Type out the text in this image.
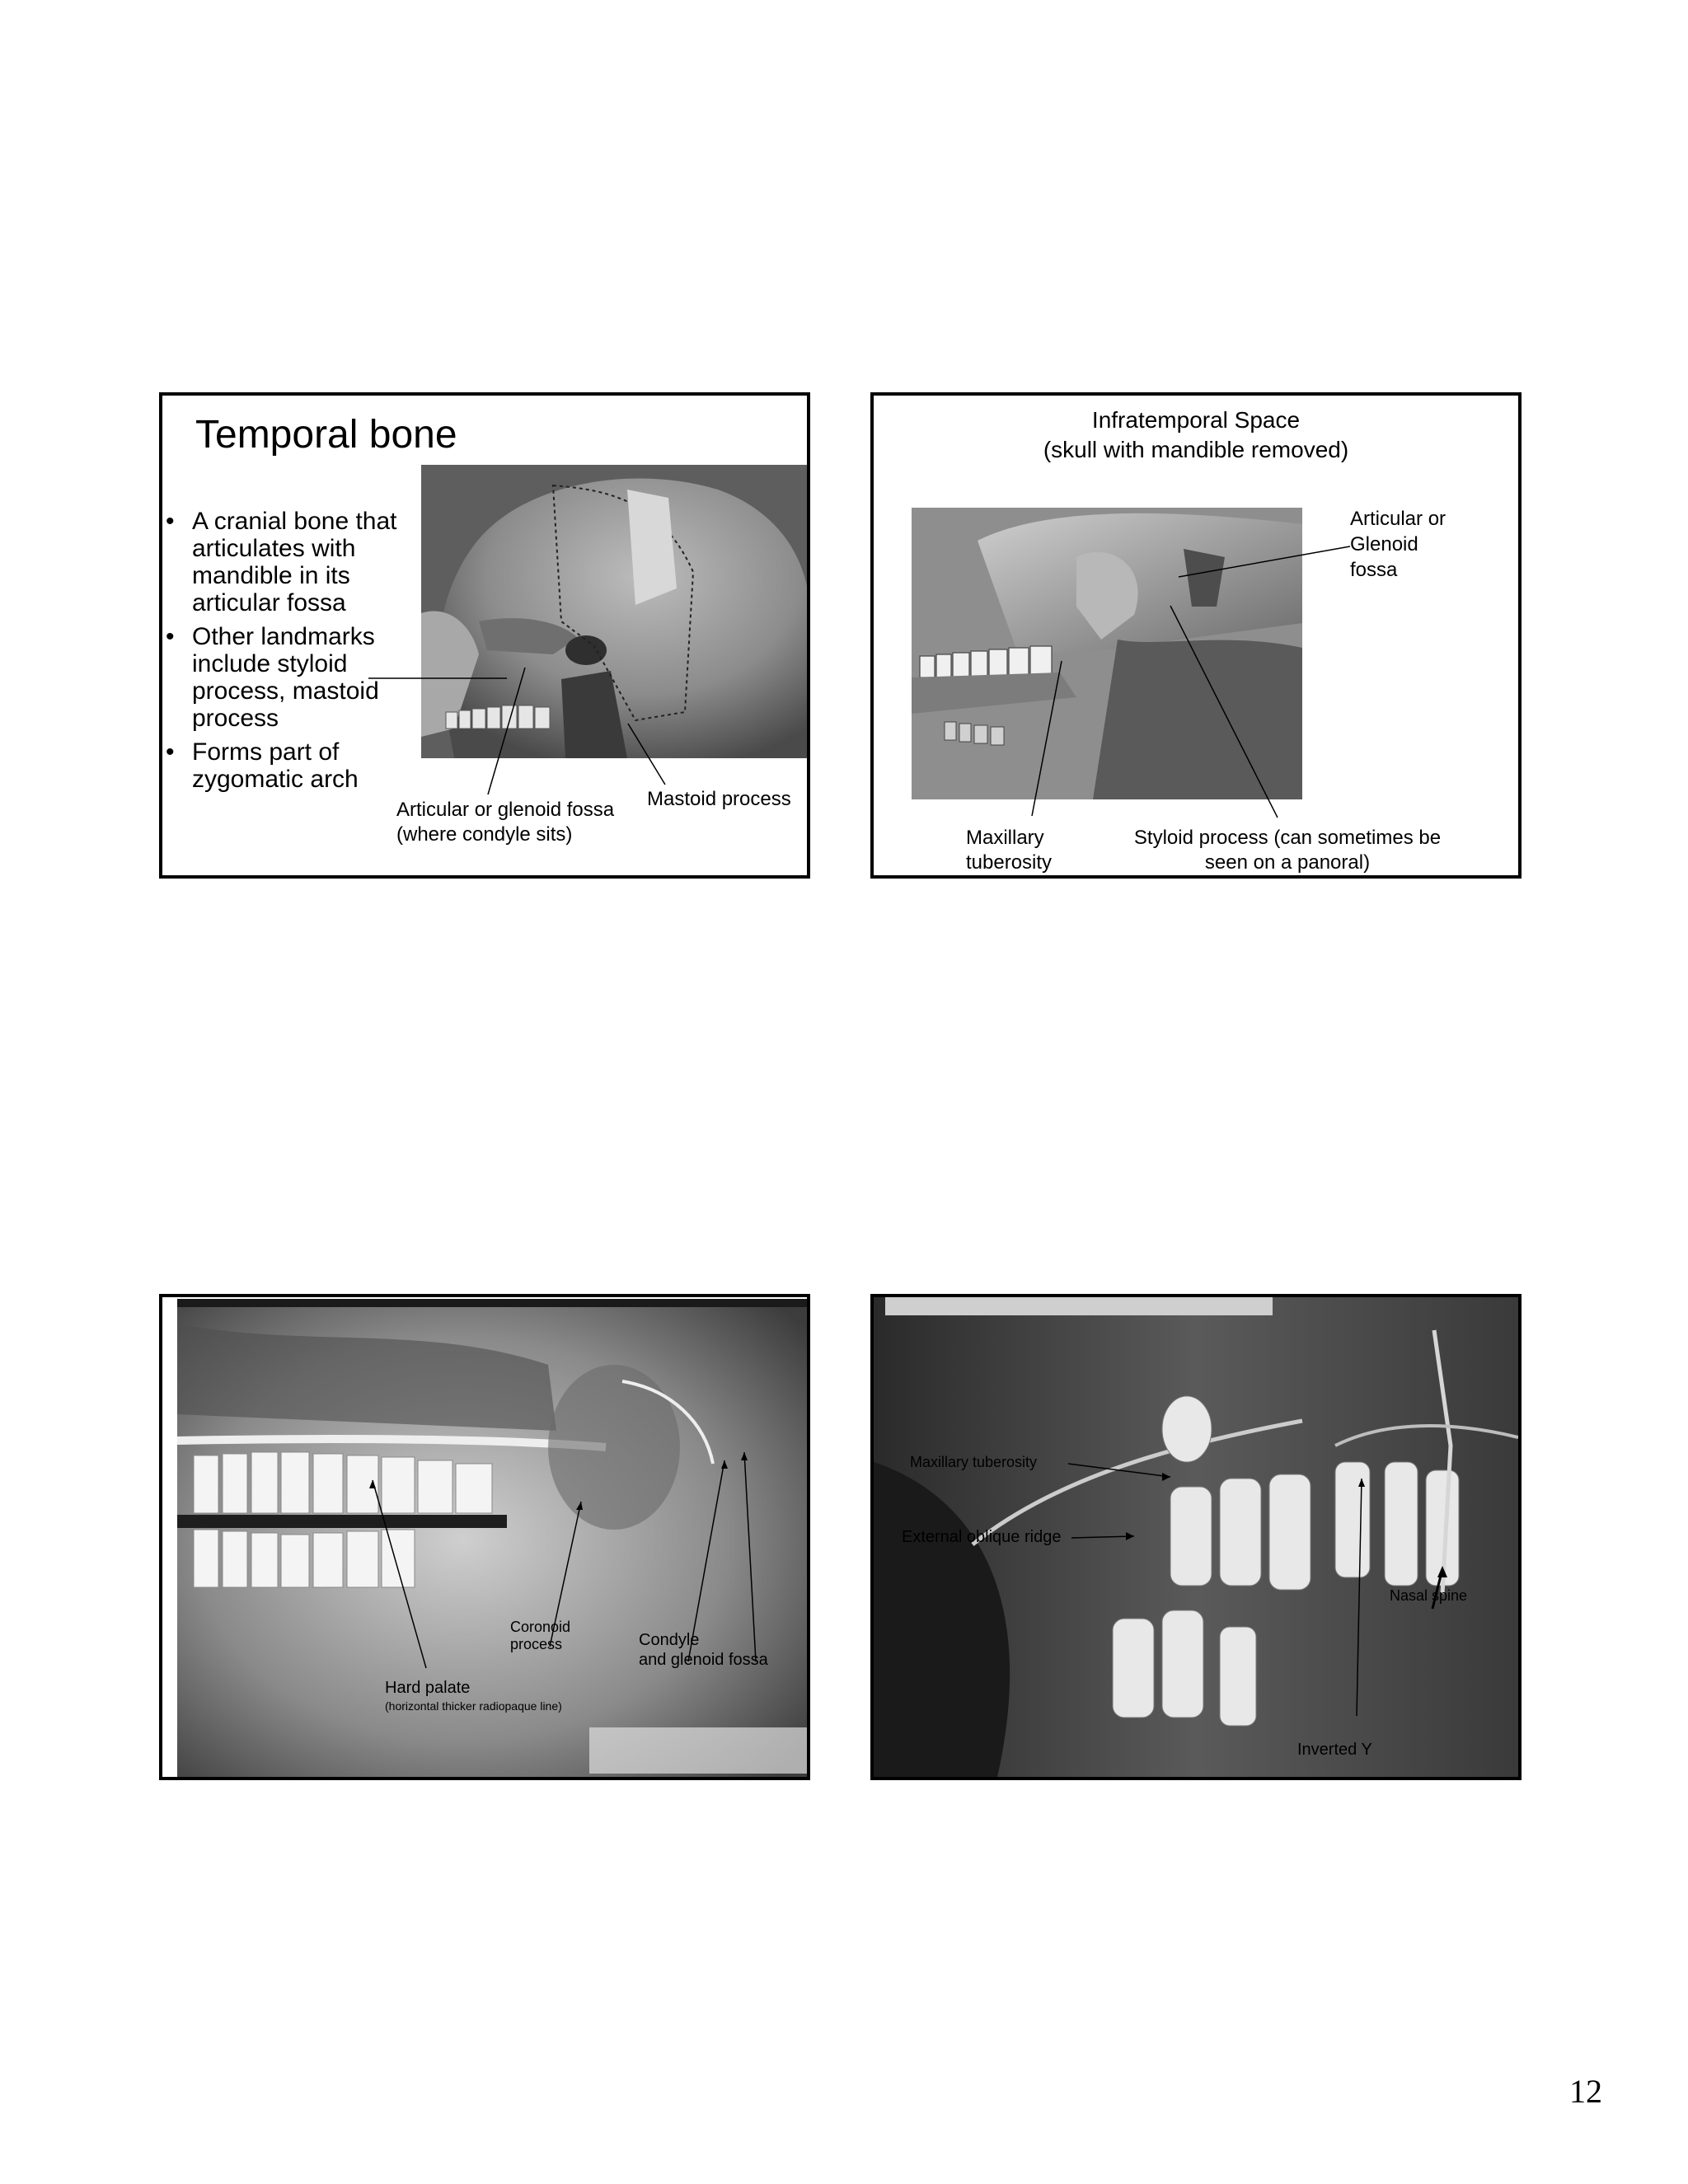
Temporal bone
• A cranial bone that articulates with mandible in its articular fossa
• Other landmarks include styloid process, mastoid process
• Forms part of zygomatic arch
Articular or glenoid fossa
(where condyle sits)
Mastoid process
Infratemporal Space
(skull with mandible removed)
Articular or
Glenoid
fossa
Maxillary
tuberosity
Styloid process (can sometimes be
seen on a panoral)
Coronoid
process	Condyle
and glenoid fossa
Hard palate
(horizontal thicker radiopaque line)
Maxillary tuberosity
External oblique ridge
Nasal spine
Inverted Y
12
